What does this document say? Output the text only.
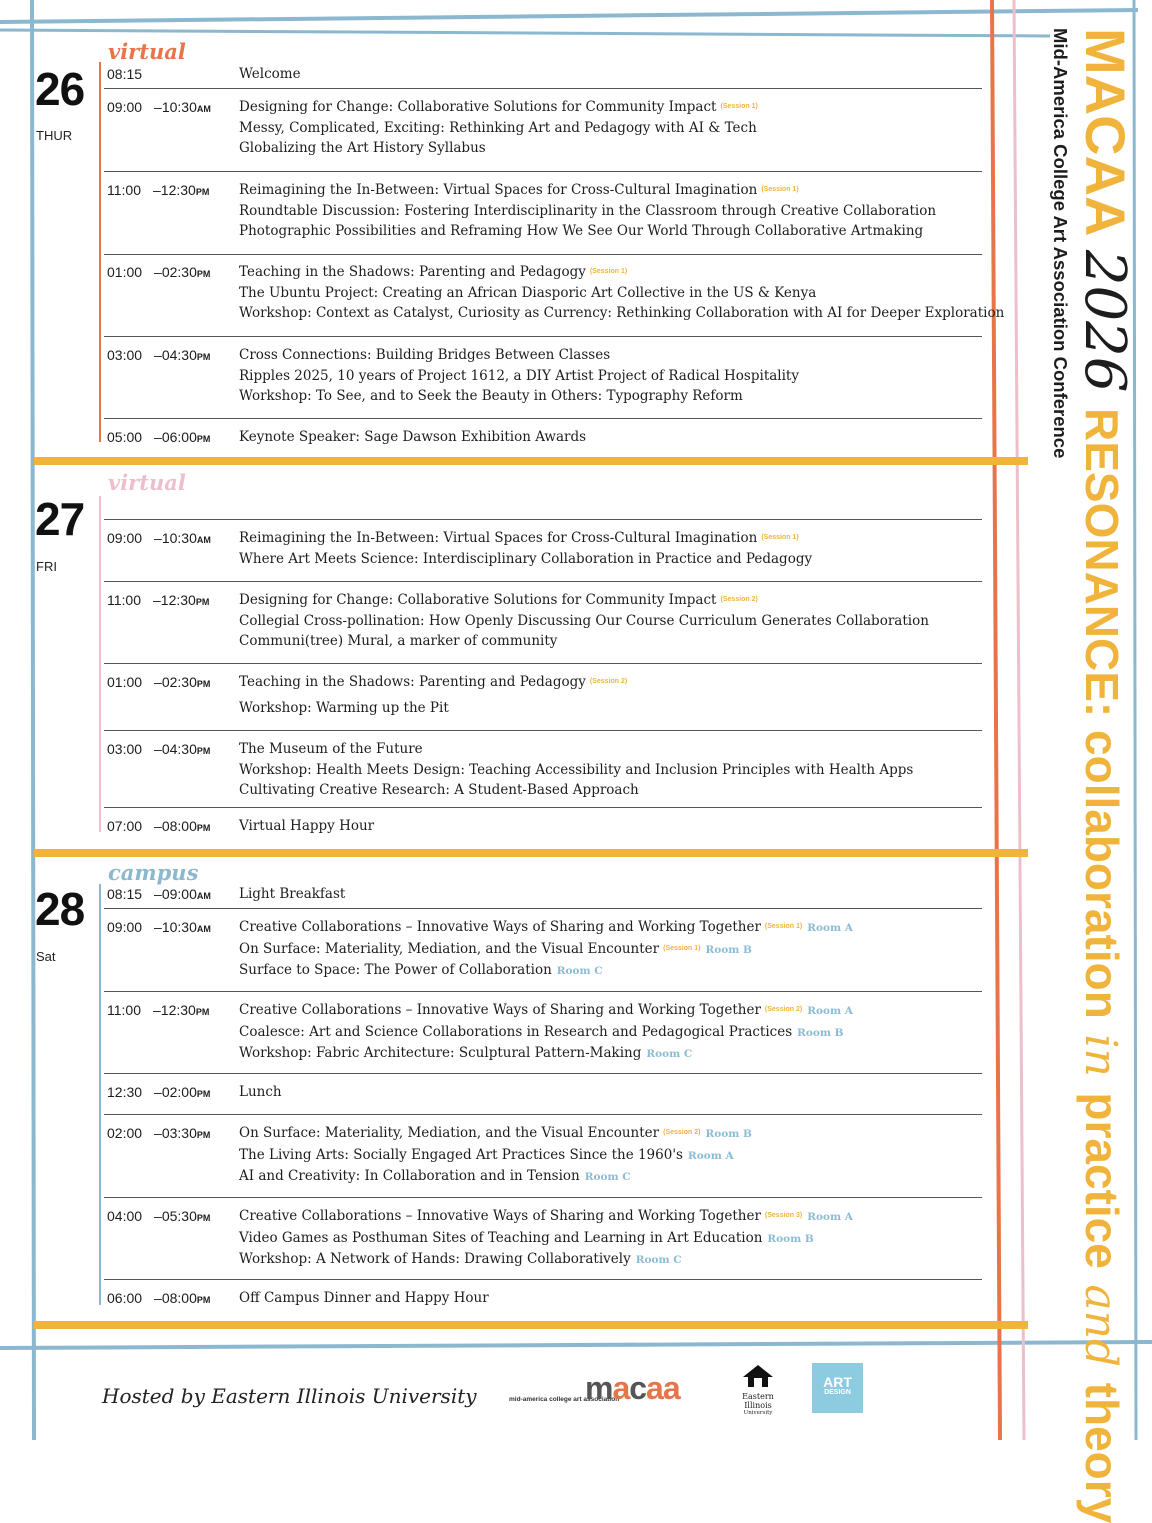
26
THUR
virtual
08:15	Welcome
09:00 –10:30AM Designing for Change: Collaborative Solutions for Community Impact (Session 1)
Messy, Complicated, Exciting: Rethinking Art and Pedagogy with AI & Tech
Globalizing the Art History Syllabus
11:00 –12:30PM Reimagining the In-Between: Virtual Spaces for Cross-Cultural Imagination (Session 1)
Roundtable Discussion: Fostering Interdisciplinarity in the Classroom through Creative Collaboration
Photographic Possibilities and Reframing How We See Our World Through Collaborative Artmaking
01:00 –02:30PM Teaching in the Shadows: Parenting and Pedagogy (Session 1)
The Ubuntu Project: Creating an African Diasporic Art Collective in the US & Kenya
Workshop: Context as Catalyst, Curiosity as Currency: Rethinking Collaboration with AI for Deeper Exploration
03:00 –04:30PM Cross Connections: Building Bridges Between Classes
Ripples 2025, 10 years of Project 1612, a DIY Artist Project of Radical Hospitality
Workshop: To See, and to Seek the Beauty in Others: Typography Reform
05:00 –06:00PM Keynote Speaker: Sage Dawson Exhibition Awards
27
FRI
virtual
09:00 –10:30AM Reimagining the In-Between: Virtual Spaces for Cross-Cultural Imagination (Session 1)
Where Art Meets Science: Interdisciplinary Collaboration in Practice and Pedagogy
11:00 –12:30PM Designing for Change: Collaborative Solutions for Community Impact (Session 2)
Collegial Cross-pollination: How Openly Discussing Our Course Curriculum Generates Collaboration
Communi(tree) Mural, a marker of community
01:00 –02:30PM Teaching in the Shadows: Parenting and Pedagogy (Session 2)
Workshop: Warming up the Pit
03:00 –04:30PM The Museum of the Future
Workshop: Health Meets Design: Teaching Accessibility and Inclusion Principles with Health Apps
Cultivating Creative Research: A Student-Based Approach
07:00 –08:00PM Virtual Happy Hour
28
Sat
campus
08:15 –09:00AM Light Breakfast
09:00 –10:30AM Creative Collaborations – Innovative Ways of Sharing and Working Together (Session 1) Room A
On Surface: Materiality, Mediation, and the Visual Encounter (Session 1) Room B
Surface to Space: The Power of Collaboration Room C
11:00 –12:30PM Creative Collaborations – Innovative Ways of Sharing and Working Together (Session 2) Room A
Coalesce: Art and Science Collaborations in Research and Pedagogical Practices Room B
Workshop: Fabric Architecture: Sculptural Pattern-Making Room C
12:30 –02:00PM Lunch
02:00 –03:30PM On Surface: Materiality, Mediation, and the Visual Encounter (Session 2) Room B
The Living Arts: Socially Engaged Art Practices Since the 1960's Room A
AI and Creativity: In Collaboration and in Tension Room C
04:00 –05:30PM Creative Collaborations – Innovative Ways of Sharing and Working Together (Session 3) Room A
Video Games as Posthuman Sites of Teaching and Learning in Art Education Room B
Workshop: A Network of Hands: Drawing Collaboratively Room C
06:00 –08:00PM Off Campus Dinner and Happy Hour
MACAA 2026 RESONANCE: collaboration in practice and theory
Mid-America College Art Association Conference
Hosted by Eastern Illinois University	mid-america college art association
macaa	Eastern
Illinois
University
ART
DESIGN
